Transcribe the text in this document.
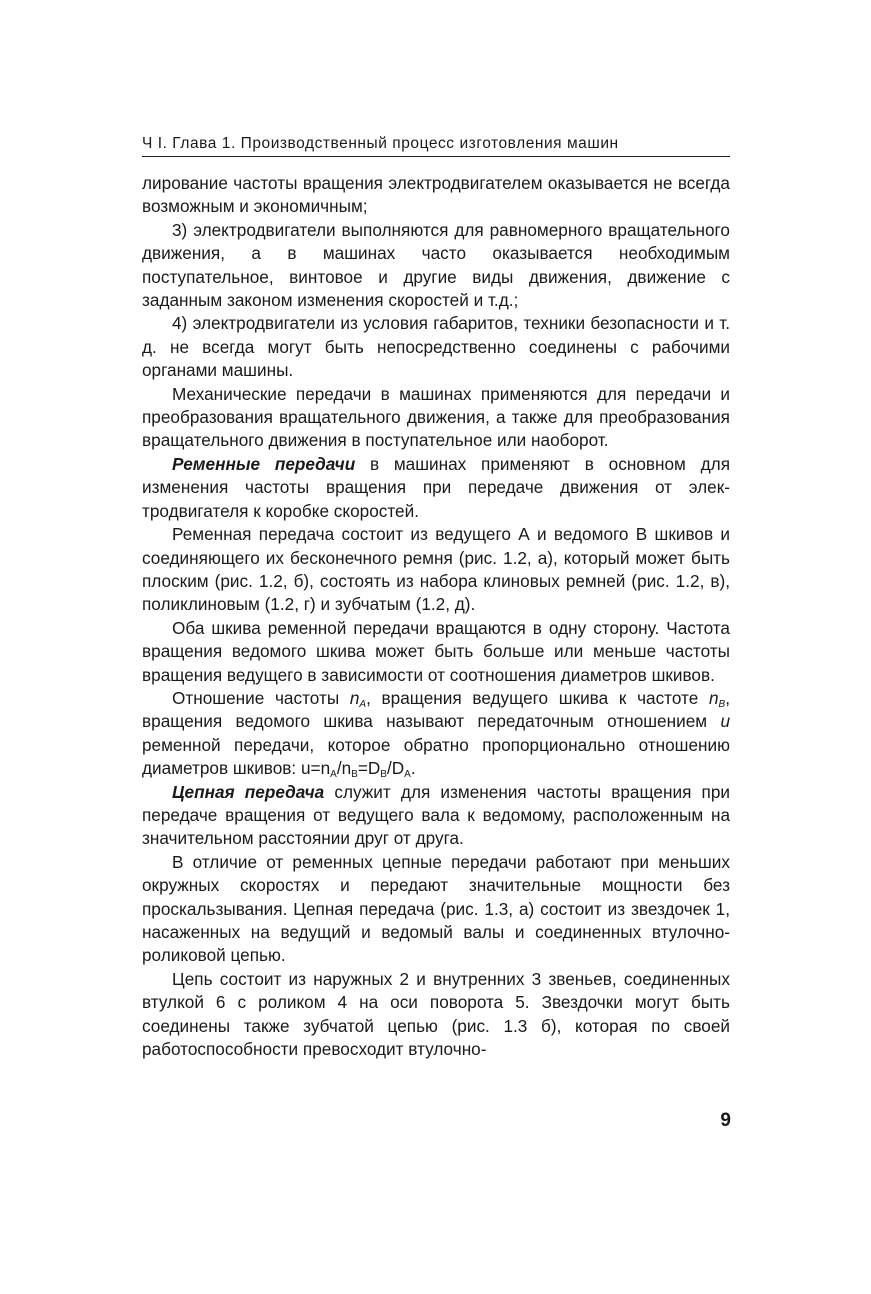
Ч I. Глава 1. Производственный процесс изготовления машин

лирование частоты вращения электродвигателем оказывается не всегда возможным и экономичным;

3) электродвигатели выполняются для равномерного вращательного движения, а в машинах часто оказывается необходимым поступательное, винтовое и другие виды движения, движение с заданным законом изменения скоростей и т.д.;

4) электродвигатели из условия габаритов, техники безопасности и т. д. не всегда могут быть непосредственно соединены с рабочими органами машины.

Механические передачи в машинах применяются для передачи и преобразования вращательного движения, а также для преобразования вращательного движения в поступательное или наоборот.

Ременные передачи в машинах применяют в основном для изменения частоты вращения при передаче движения от электродвигателя к коробке скоростей.

Ременная передача состоит из ведущего А и ведомого В шкивов и соединяющего их бесконечного ремня (рис. 1.2, а), который может быть плоским (рис. 1.2, б), состоять из набора клиновых ремней (рис. 1.2, в), поликлиновым (1.2, г) и зубчатым (1.2, д).

Оба шкива ременной передачи вращаются в одну сторону. Частота вращения ведомого шкива может быть больше или меньше частоты вращения ведущего в зависимости от соотношения диаметров шкивов.

Отношение частоты $n_A$, вращения ведущего шкива к частоте $n_B$, вращения ведомого шкива называют передаточным отношением u ременной передачи, которое обратно пропорционально отношению диаметров шкивов: $u=n_A/n_B=D_B/D_A$.

Цепная передача служит для изменения частоты вращения при передаче вращения от ведущего вала к ведомому, расположенным на значительном расстоянии друг от друга.

В отличие от ременных цепные передачи работают при меньших окружных скоростях и передают значительные мощности без проскальзывания. Цепная передача (рис. 1.3, а) состоит из звездочек 1, насаженных на ведущий и ведомый валы и соединенных втулочно-роликовой цепью.

Цепь состоит из наружных 2 и внутренних 3 звеньев, соединенных втулкой 6 с роликом 4 на оси поворота 5. Звездочки могут быть соединены также зубчатой цепью (рис. 1.3 б), которая по своей работоспособности превосходит втулочно-

9
